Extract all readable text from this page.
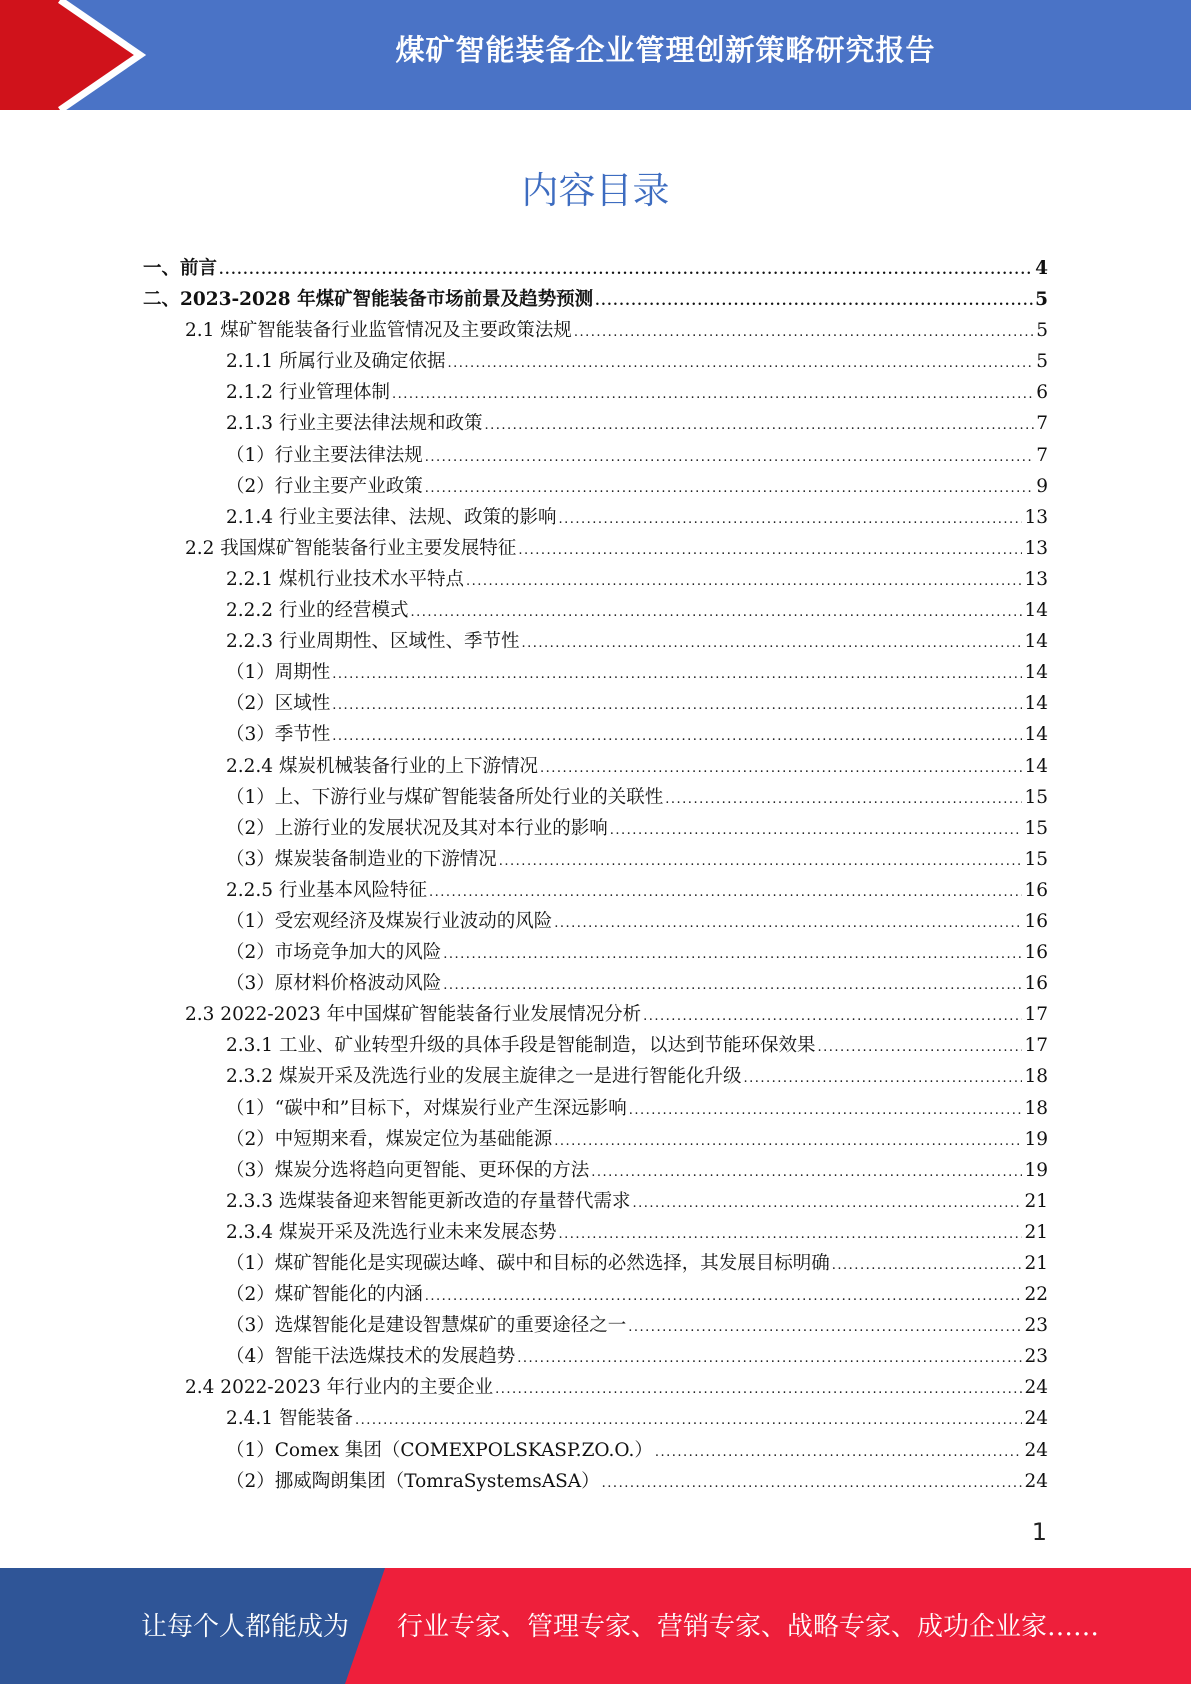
煤矿智能装备企业管理创新策略研究报告
内容目录
一、前言 .....	4
二、2023-2028 年煤矿智能装备市场前景及趋势预测 .....	5
2.1 煤矿智能装备行业监管情况及主要政策法规 .....	5
2.1.1 所属行业及确定依据 .....	5
2.1.2 行业管理体制 .....	6
2.1.3 行业主要法律法规和政策 .....	7
（1）行业主要法律法规 .....	7
（2）行业主要产业政策 .....	9
2.1.4 行业主要法律、法规、政策的影响 .....	13
2.2 我国煤矿智能装备行业主要发展特征 .....	13
2.2.1 煤机行业技术水平特点 .....	13
2.2.2 行业的经营模式 .....	14
2.2.3 行业周期性、区域性、季节性 .....	14
（1）周期性 .....	14
（2）区域性 .....	14
（3）季节性 .....	14
2.2.4 煤炭机械装备行业的上下游情况 .....	14
（1）上、下游行业与煤矿智能装备所处行业的关联性 .....	15
（2）上游行业的发展状况及其对本行业的影响 .....	15
（3）煤炭装备制造业的下游情况 .....	15
2.2.5 行业基本风险特征 .....	16
（1）受宏观经济及煤炭行业波动的风险 .....	16
（2）市场竞争加大的风险 .....	16
（3）原材料价格波动风险 .....	16
2.3 2022-2023 年中国煤矿智能装备行业发展情况分析 .....	17
2.3.1 工业、矿业转型升级的具体手段是智能制造，以达到节能环保效果 .....	17
2.3.2 煤炭开采及洗选行业的发展主旋律之一是进行智能化升级 .....	18
（1）“碳中和”目标下，对煤炭行业产生深远影响 .....	18
（2）中短期来看，煤炭定位为基础能源 .....	19
（3）煤炭分选将趋向更智能、更环保的方法 .....	19
2.3.3 选煤装备迎来智能更新改造的存量替代需求 .....	21
2.3.4 煤炭开采及洗选行业未来发展态势 .....	21
（1）煤矿智能化是实现碳达峰、碳中和目标的必然选择，其发展目标明确 .....	21
（2）煤矿智能化的内涵 .....	22
（3）选煤智能化是建设智慧煤矿的重要途径之一 .....	23
（4）智能干法选煤技术的发展趋势 .....	23
2.4 2022-2023 年行业内的主要企业 .....	24
2.4.1 智能装备 .....	24
（1）Comex 集团（COMEXPOLSKASP.ZO.O.） .....	24
（2）挪威陶朗集团（TomraSystemsASA） .....	24
1
让每个人都能成为 行业专家、管理专家、营销专家、战略专家、成功企业家……
